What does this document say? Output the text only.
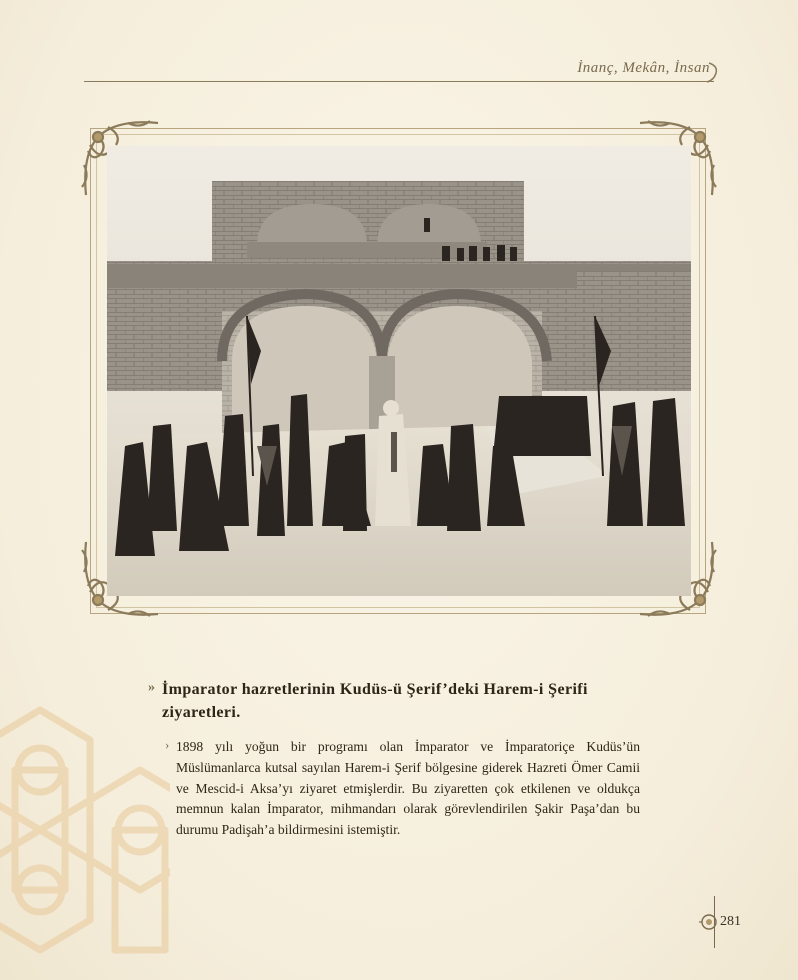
İnanç, Mekân, İnsan
» İmparator hazretlerinin Kudüs-ü Şerif’deki Harem-i Şerifi ziyaretleri.
› 1898 yılı yoğun bir programı olan İmparator ve İmparatoriçe Kudüs’ün Müslümanlarca kutsal sayılan Harem-i Şerif bölgesine giderek Hazreti Ömer Camii ve Mescid-i Aksa’yı ziyaret etmişlerdir. Bu ziyaretten çok etkilenen ve oldukça memnun kalan İmparator, mihmandarı olarak görevlendirilen Şakir Paşa’dan bu durumu Padişah’a bildirmesini istemiştir.
281
